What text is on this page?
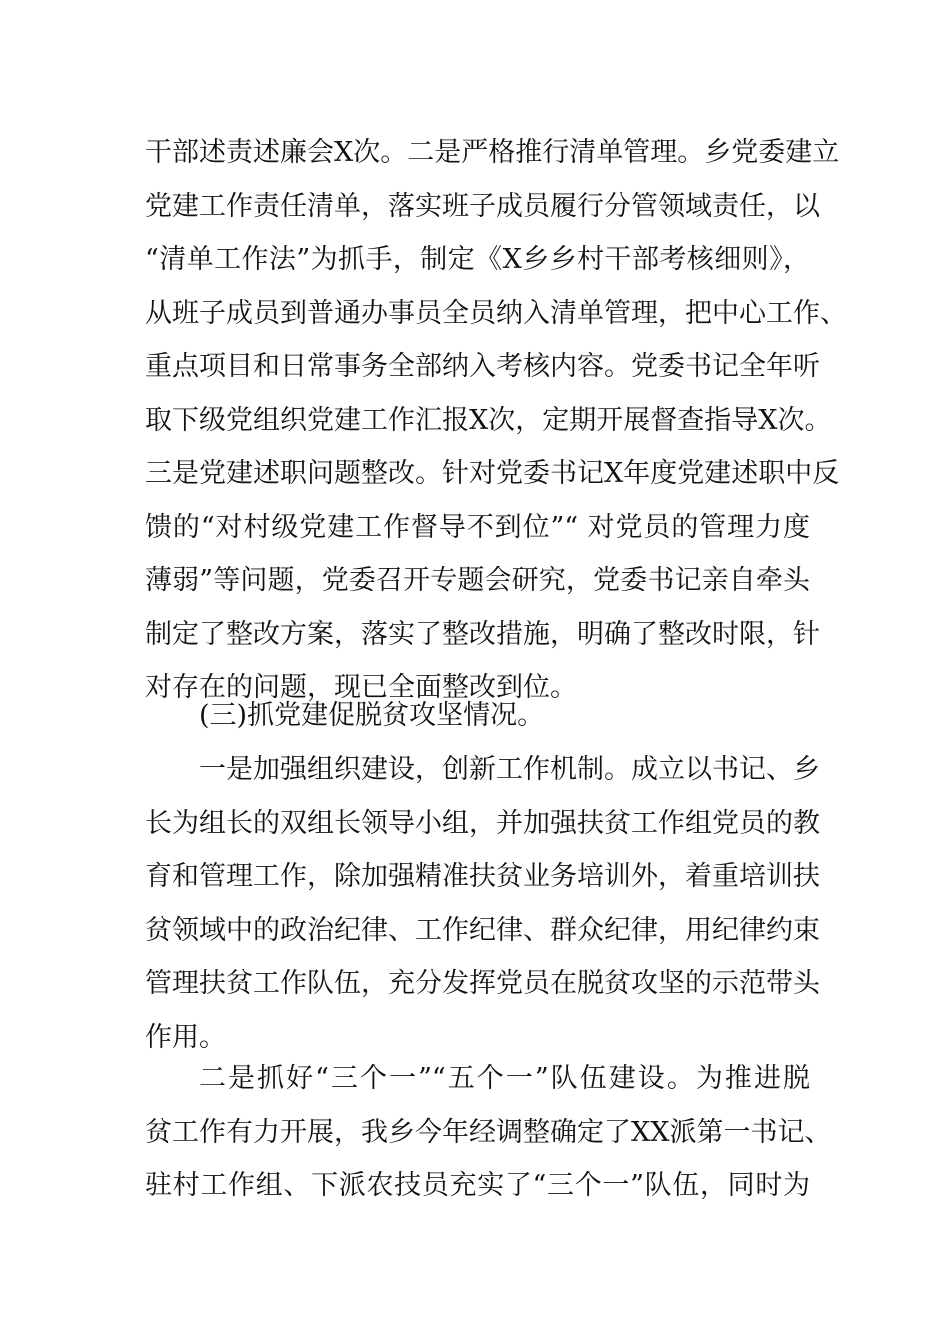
干部述责述廉会X次。二是严格推行清单管理。乡党委建立
党建工作责任清单，落实班子成员履行分管领域责任，以
“清单工作法”为抓手，制定《X乡乡村干部考核细则》，
从班子成员到普通办事员全员纳入清单管理，把中心工作、
重点项目和日常事务全部纳入考核内容。党委书记全年听
取下级党组织党建工作汇报X次，定期开展督查指导X次。
三是党建述职问题整改。针对党委书记X年度党建述职中反
馈的“对村级党建工作督导不到位”“ 对党员的管理力度
薄弱”等问题，党委召开专题会研究，党委书记亲自牵头
制定了整改方案，落实了整改措施，明确了整改时限，针
对存在的问题，现已全面整改到位。
(三)抓党建促脱贫攻坚情况。
一是加强组织建设，创新工作机制。成立以书记、乡
长为组长的双组长领导小组，并加强扶贫工作组党员的教
育和管理工作，除加强精准扶贫业务培训外，着重培训扶
贫领域中的政治纪律、工作纪律、群众纪律，用纪律约束
管理扶贫工作队伍，充分发挥党员在脱贫攻坚的示范带头
作用。
二是抓好“三个一”“五个一”队伍建设。为推进脱
贫工作有力开展，我乡今年经调整确定了XX派第一书记、
驻村工作组、下派农技员充实了“三个一”队伍，同时为
